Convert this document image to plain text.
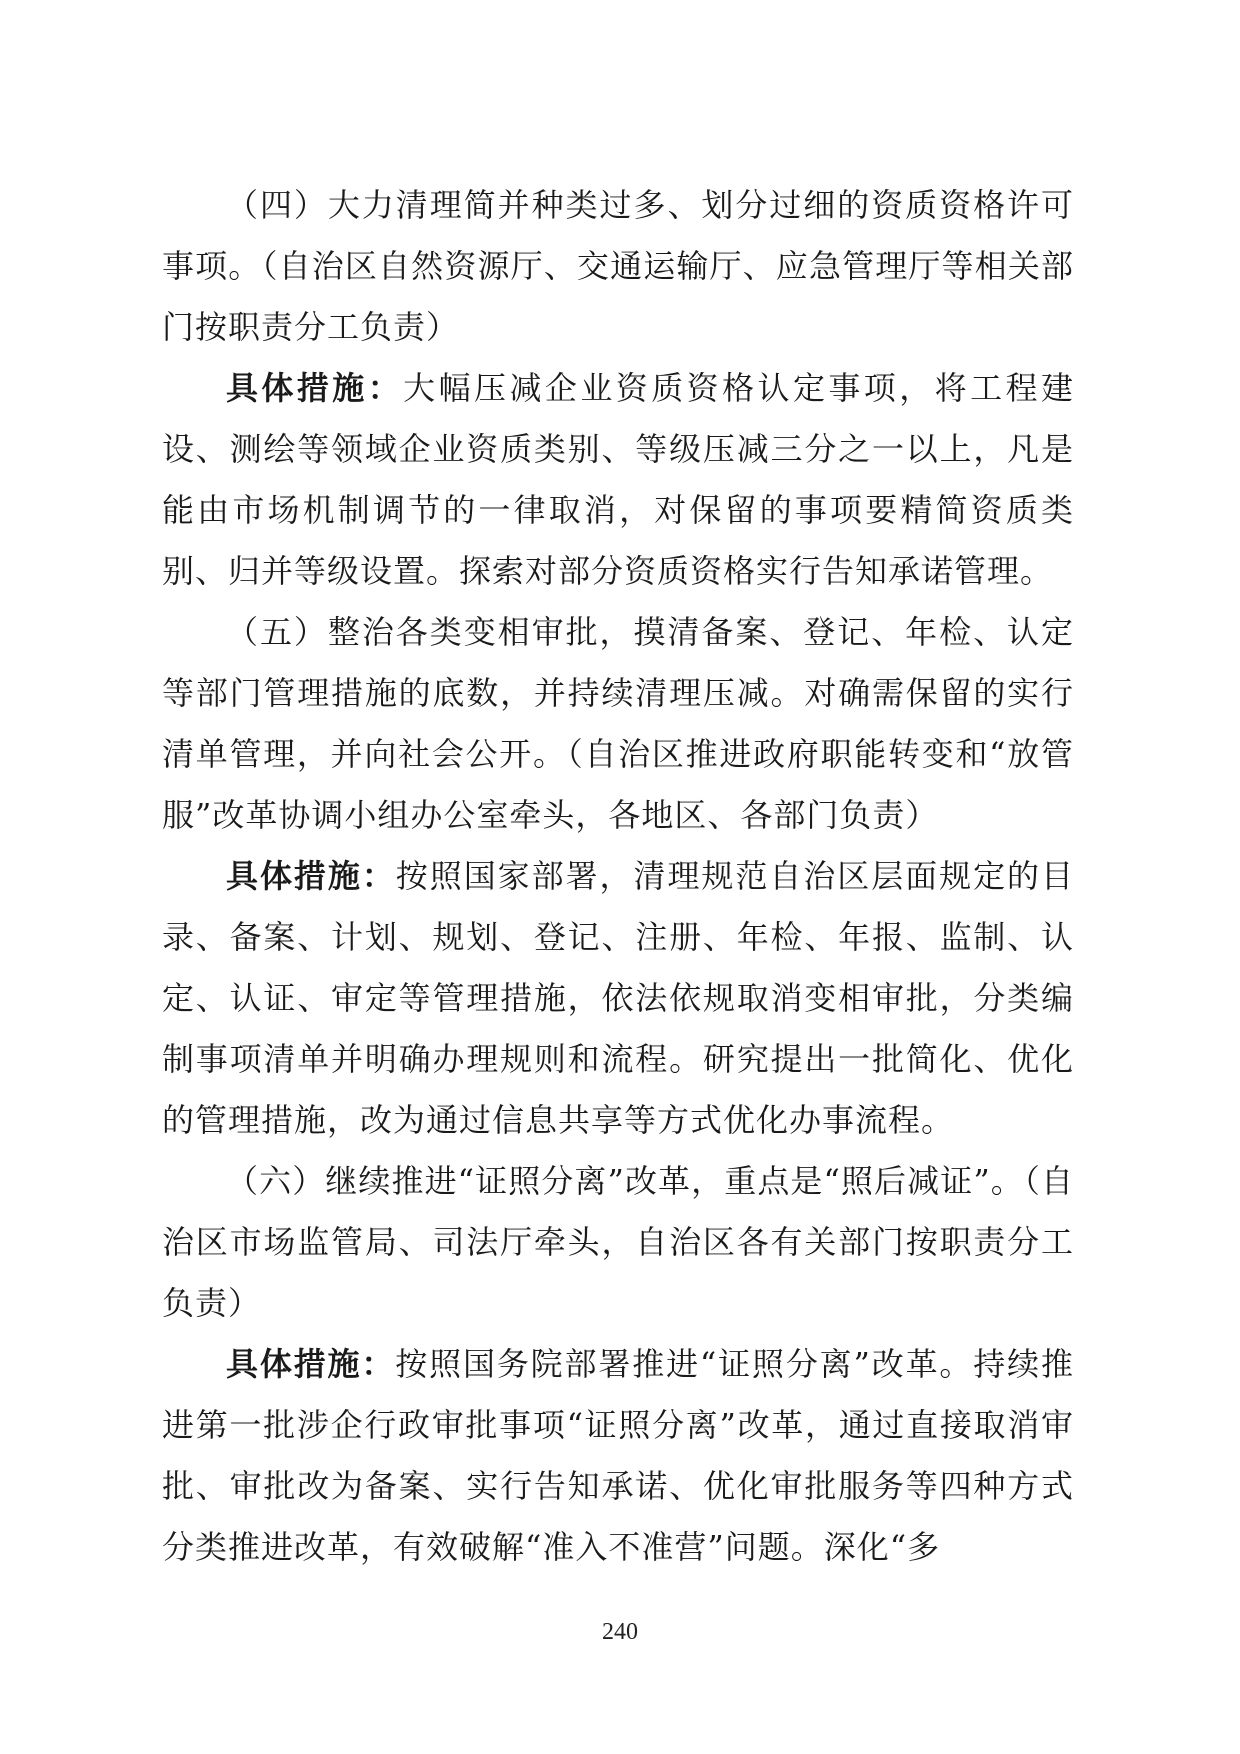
（四）大力清理简并种类过多、划分过细的资质资格许可事项。（自治区自然资源厅、交通运输厅、应急管理厅等相关部门按职责分工负责）

具体措施：大幅压减企业资质资格认定事项，将工程建设、测绘等领域企业资质类别、等级压减三分之一以上，凡是能由市场机制调节的一律取消，对保留的事项要精简资质类别、归并等级设置。探索对部分资质资格实行告知承诺管理。

（五）整治各类变相审批，摸清备案、登记、年检、认定等部门管理措施的底数，并持续清理压减。对确需保留的实行清单管理，并向社会公开。（自治区推进政府职能转变和“放管服”改革协调小组办公室牵头，各地区、各部门负责）

具体措施：按照国家部署，清理规范自治区层面规定的目录、备案、计划、规划、登记、注册、年检、年报、监制、认定、认证、审定等管理措施，依法依规取消变相审批，分类编制事项清单并明确办理规则和流程。研究提出一批简化、优化的管理措施，改为通过信息共享等方式优化办事流程。

（六）继续推进“证照分离”改革，重点是“照后减证”。（自治区市场监管局、司法厅牵头，自治区各有关部门按职责分工负责）

具体措施：按照国务院部署推进“证照分离”改革。持续推进第一批涉企行政审批事项“证照分离”改革，通过直接取消审批、审批改为备案、实行告知承诺、优化审批服务等四种方式分类推进改革，有效破解“准入不准营”问题。深化“多

240
